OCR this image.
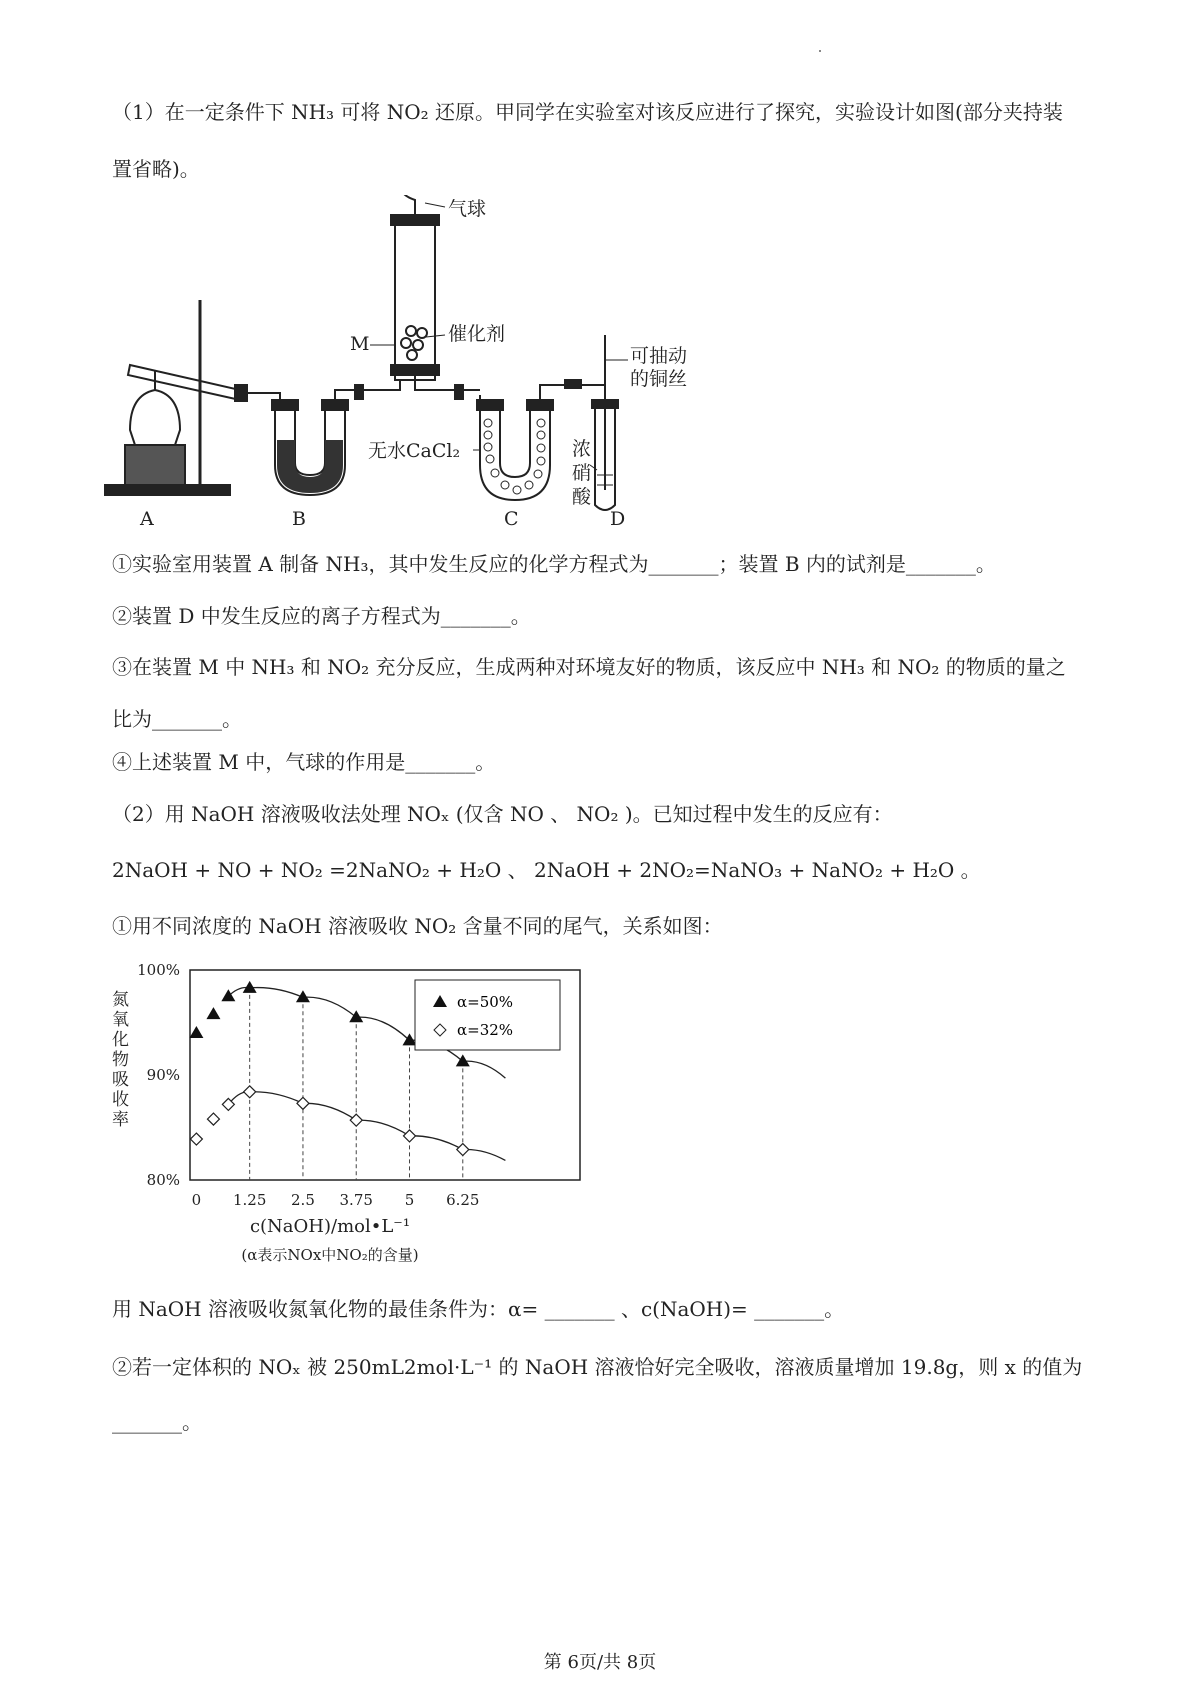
（1）在一定条件下 NH₃ 可将 NO₂ 还原。甲同学在实验室对该反应进行了探究，实验设计如图(部分夹持装
置省略)。
气球
催化剂
M
可抽动
的铜丝
无水CaCl₂	浓
硝
酸
A	B	C	D
①实验室用装置 A 制备 NH₃，其中发生反应的化学方程式为_______；装置 B 内的试剂是_______。
②装置 D 中发生反应的离子方程式为_______。
③在装置 M 中 NH₃ 和 NO₂ 充分反应，生成两种对环境友好的物质，该反应中 NH₃ 和 NO₂ 的物质的量之
比为_______。
④上述装置 M 中，气球的作用是_______。
（2）用 NaOH 溶液吸收法处理 NOₓ (仅含 NO 、 NO₂ )。已知过程中发生的反应有：
2NaOH + NO + NO₂ =2NaNO₂ + H₂O 、 2NaOH + 2NO₂=NaNO₃ + NaNO₂ + H₂O 。
①用不同浓度的 NaOH 溶液吸收 NO₂ 含量不同的尾气，关系如图：
α=50%
α=32%
100%
90%
80%
0 1.25 2.5 3.75 5 6.25
氮
氧
化
物
吸
收
率
c(NaOH)/mol•L⁻¹
(α表示NOx中NO₂的含量)
用 NaOH 溶液吸收氮氧化物的最佳条件为：α= _______ 、c(NaOH)= _______。
②若一定体积的 NOₓ 被 250mL2mol·L⁻¹ 的 NaOH 溶液恰好完全吸收，溶液质量增加 19.8g，则 x 的值为
_______。
第 6页/共 8页
